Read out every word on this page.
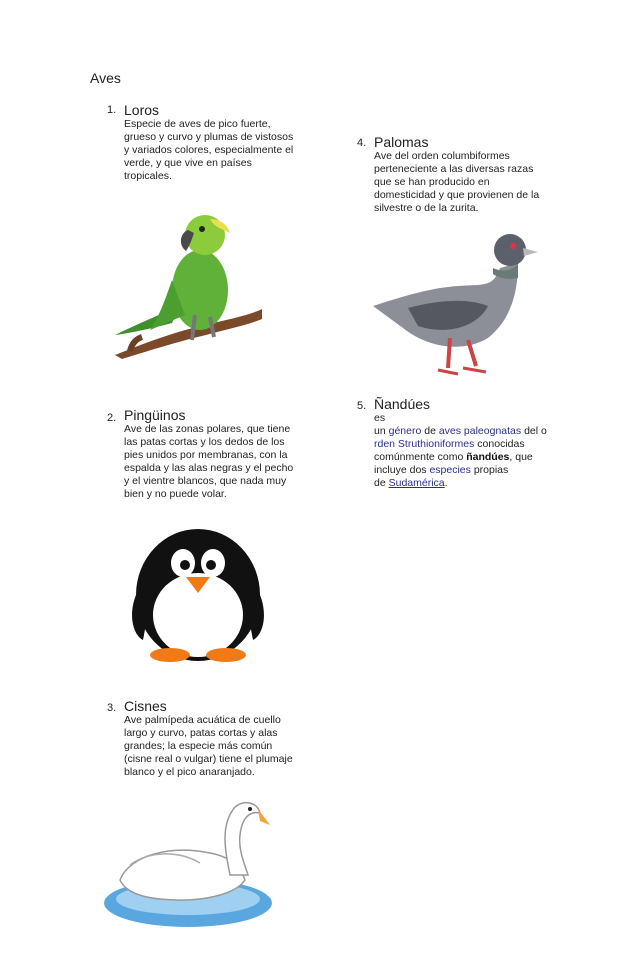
Aves
1. Loros
Especie de aves de pico fuerte,
grueso y curvo y plumas de vistosos
y variados colores, especialmente el
verde, y que vive en países
tropicales.
4. Palomas
Ave del orden columbiformes
perteneciente a las diversas razas
que se han producido en
domesticidad y que provienen de la
silvestre o de la zurita.
5. Ñandúes
es
un género de aves paleognatas del o
rden Struthioniformes conocidas
comúnmente como ñandúes, que
incluye dos especies propias
de Sudamérica.
2. Pingüinos
Ave de las zonas polares, que tiene
las patas cortas y los dedos de los
pies unidos por membranas, con la
espalda y las alas negras y el pecho
y el vientre blancos, que nada muy
bien y no puede volar.
3. Cisnes
Ave palmípeda acuática de cuello
largo y curvo, patas cortas y alas
grandes; la especie más común
(cisne real o vulgar) tiene el plumaje
blanco y el pico anaranjado.
